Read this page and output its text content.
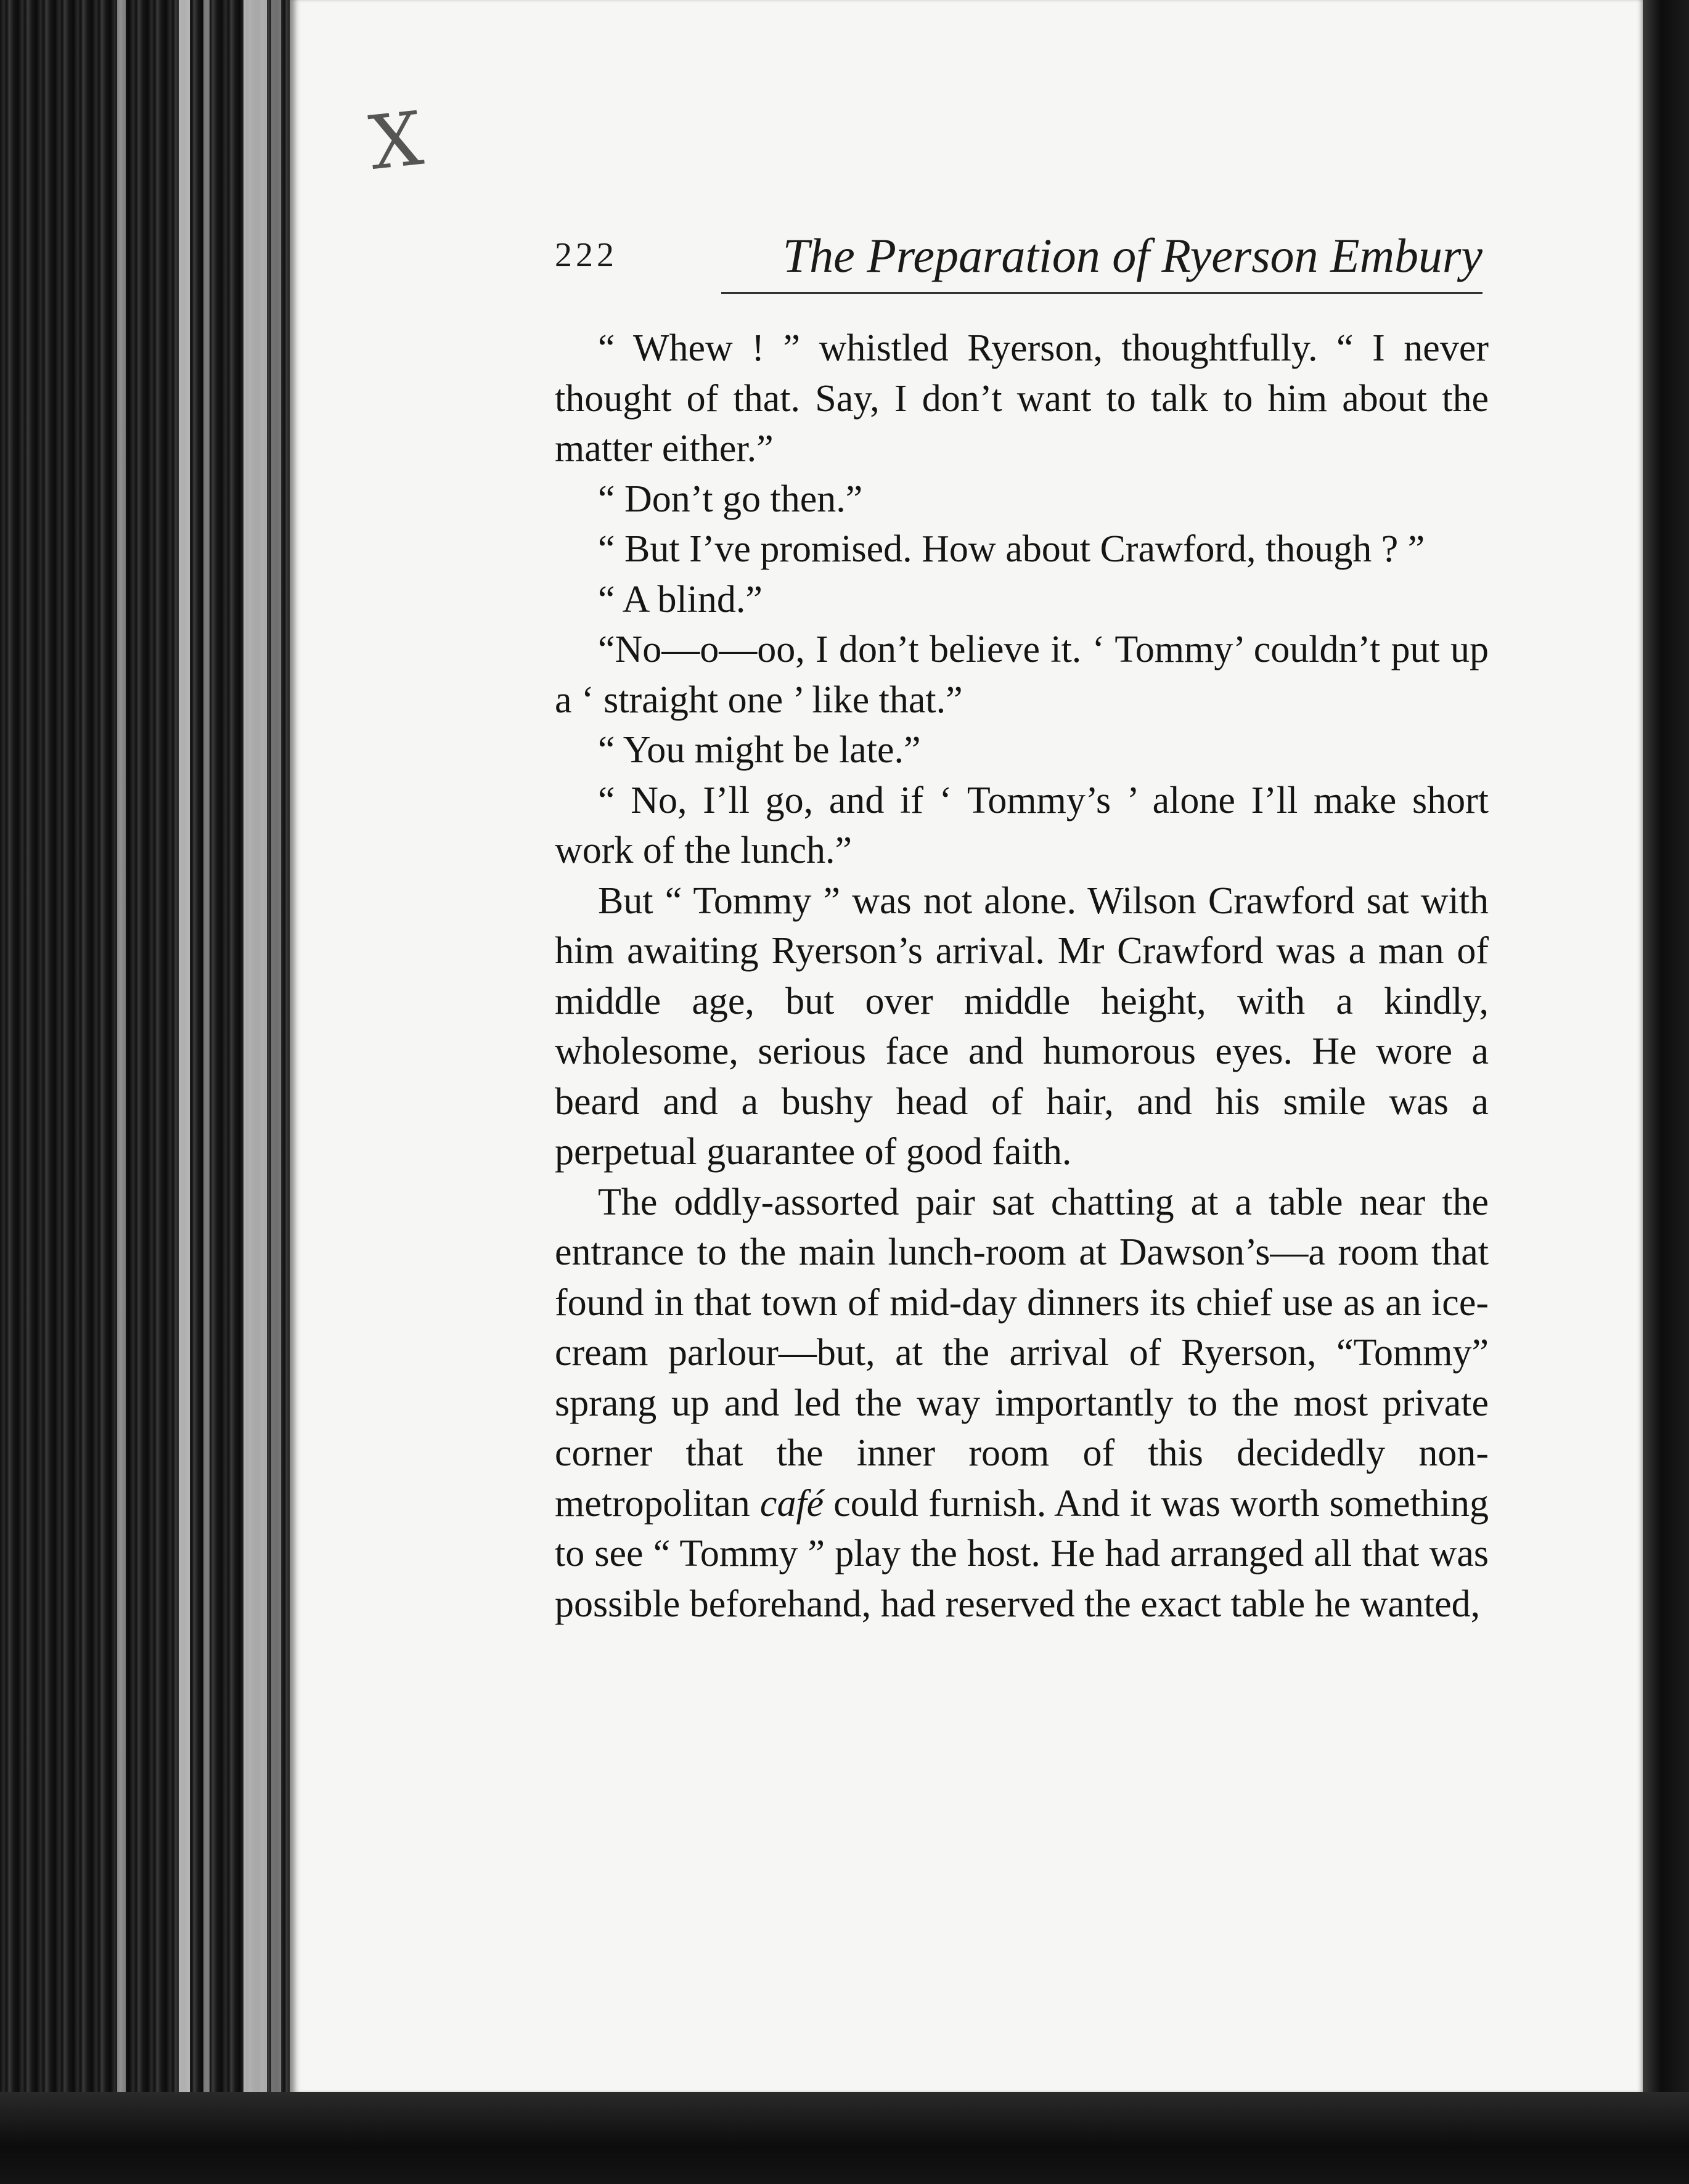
X
222	The Preparation of Ryerson Embury

“ Whew ! ” whistled Ryerson, thoughtfully. “ I never thought of that. Say, I don’t want to talk to him about the matter either.”

“ Don’t go then.”

“ But I’ve promised. How about Crawford, though ? ”

“ A blind.”

“No—o—oo, I don’t believe it. ‘ Tommy’ couldn’t put up a ‘ straight one ’ like that.”

“ You might be late.”

“ No, I’ll go, and if ‘ Tommy’s ’ alone I’ll make short work of the lunch.”

But “ Tommy ” was not alone. Wilson Crawford sat with him awaiting Ryerson’s arrival. Mr Crawford was a man of middle age, but over middle height, with a kindly, wholesome, serious face and humorous eyes. He wore a beard and a bushy head of hair, and his smile was a perpetual guarantee of good faith.

The oddly-assorted pair sat chatting at a table near the entrance to the main lunch-room at Dawson’s—a room that found in that town of mid-day dinners its chief use as an ice-cream parlour—but, at the arrival of Ryerson, “Tommy” sprang up and led the way importantly to the most private corner that the inner room of this decidedly non-metropolitan café could furnish. And it was worth something to see “ Tommy ” play the host. He had arranged all that was possible beforehand, had reserved the exact table he wanted,
